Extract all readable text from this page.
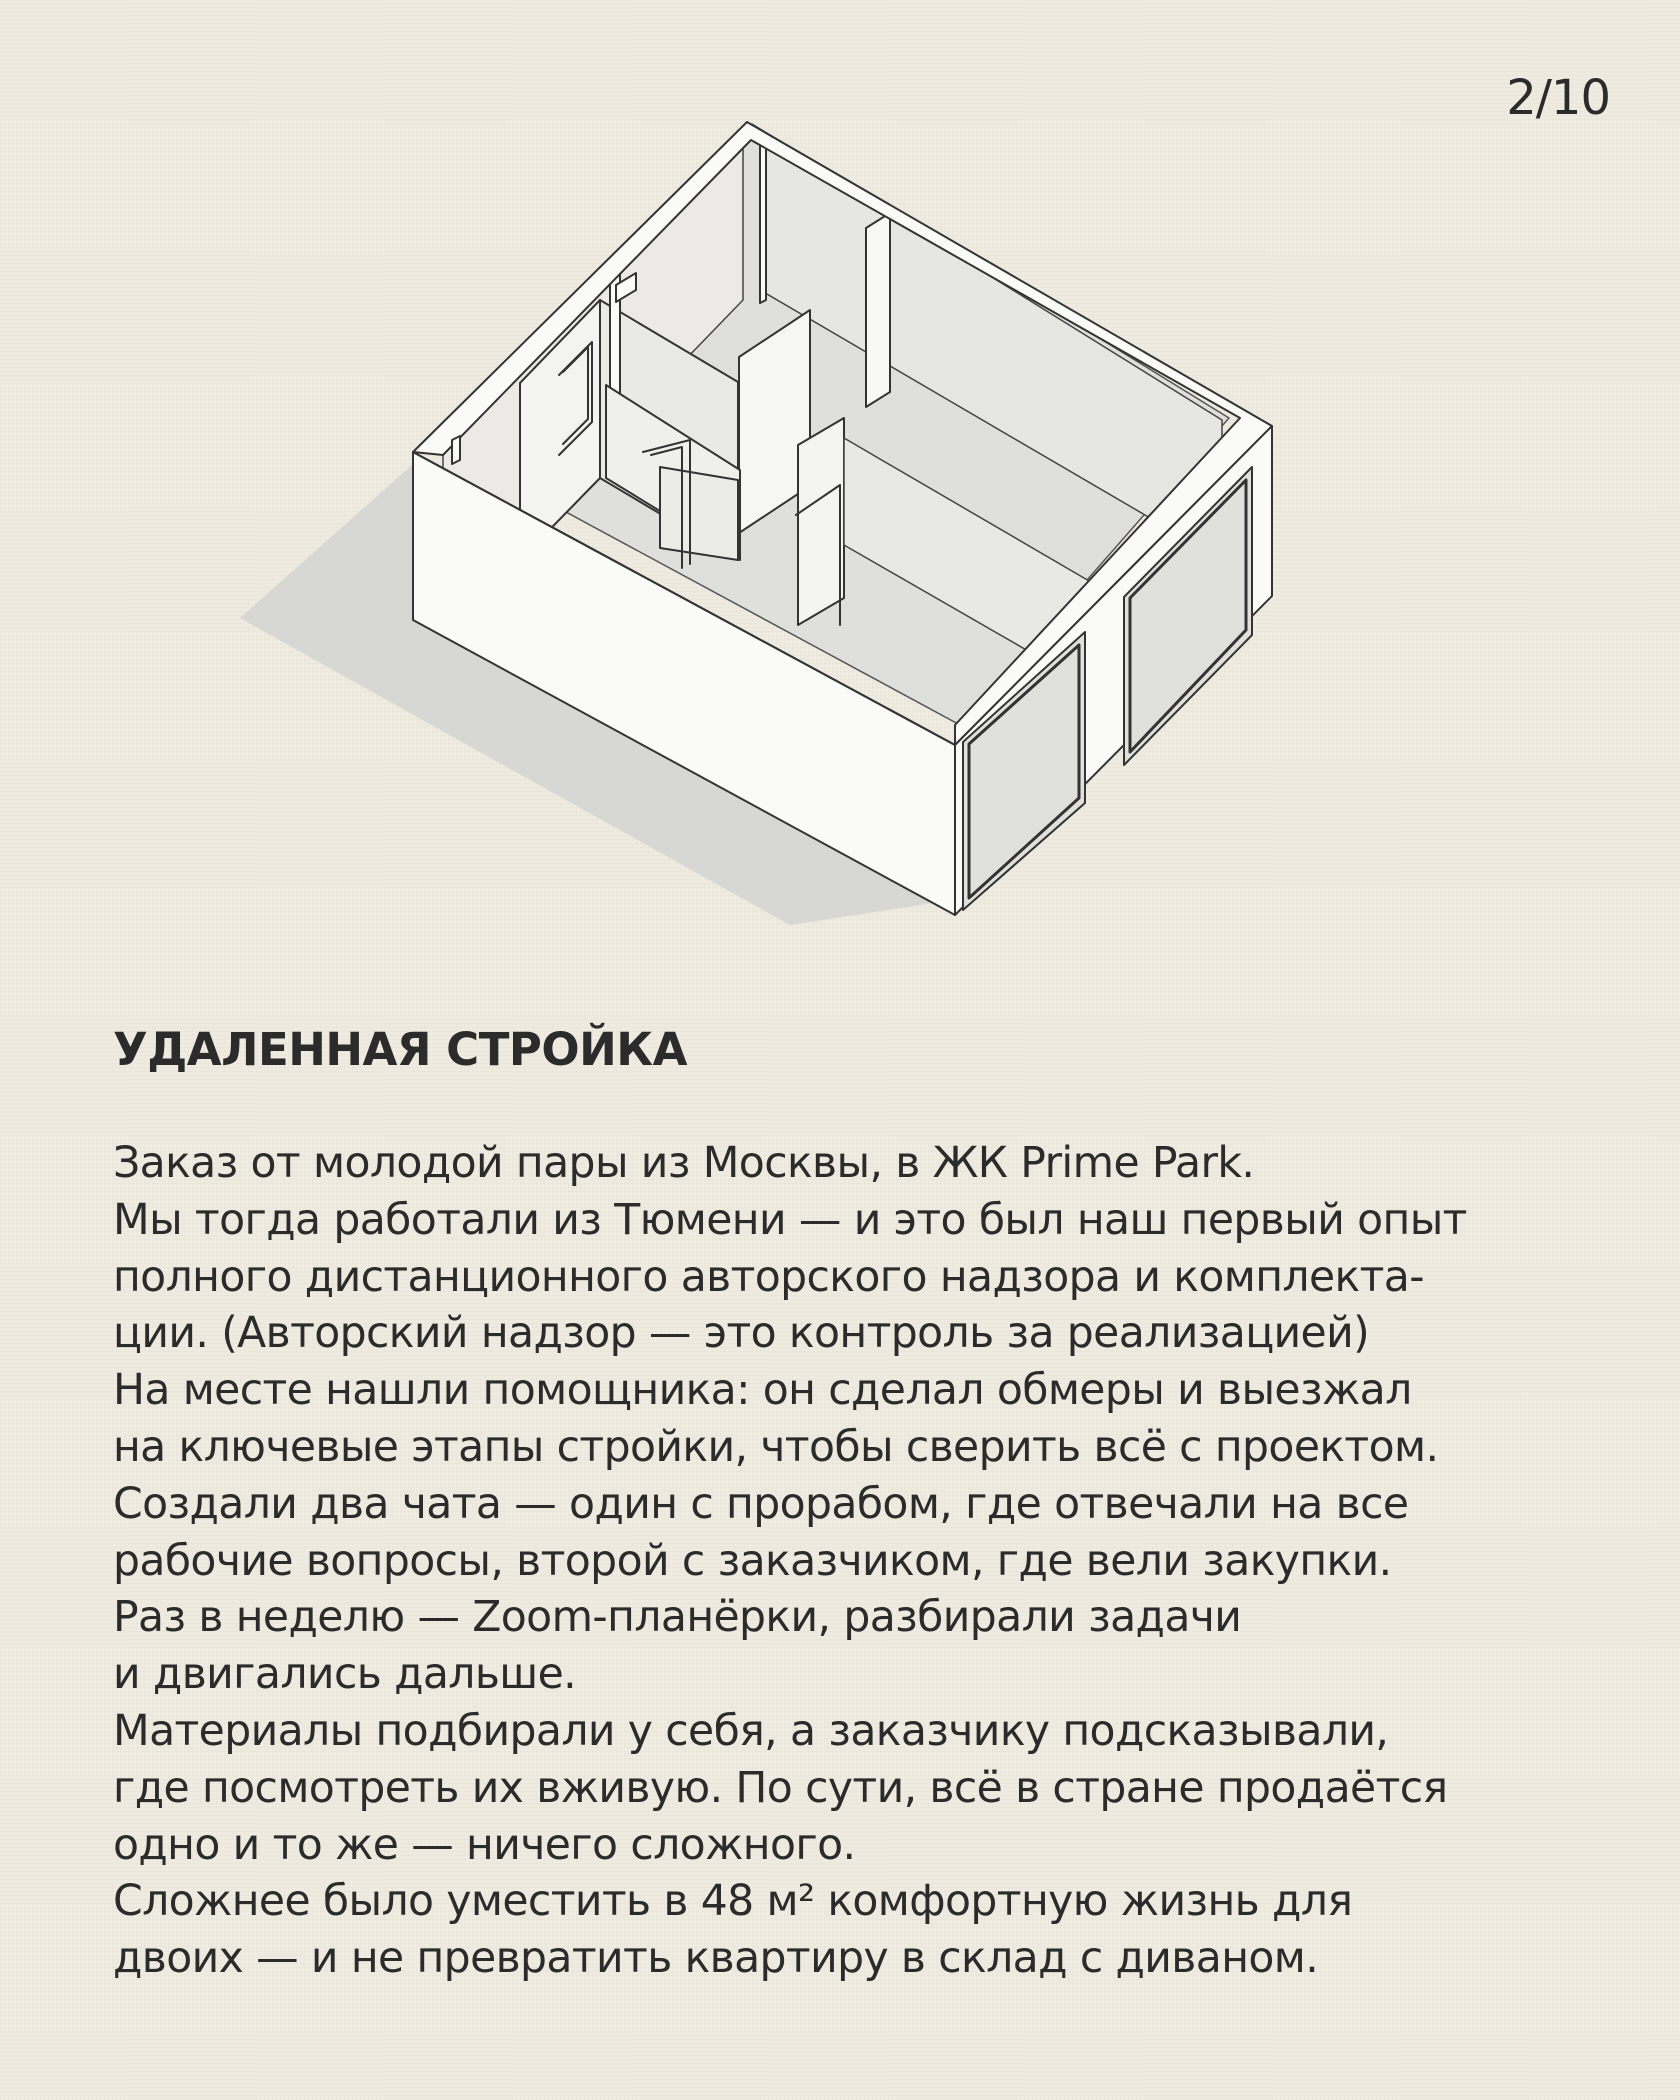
2/10
УДАЛЕННАЯ СТРОЙКА
Заказ от молодой пары из Москвы, в ЖК Prime Park.
Мы тогда работали из Тюмени — и это был наш первый опыт
полного дистанционного авторского надзора и комплекта-
ции. (Авторский надзор — это контроль за реализацией)
На месте нашли помощника: он сделал обмеры и выезжал
на ключевые этапы стройки, чтобы сверить всё с проектом.
Создали два чата — один с прорабом, где отвечали на все
рабочие вопросы, второй с заказчиком, где вели закупки.
Раз в неделю — Zoom-планёрки, разбирали задачи
и двигались дальше.
Материалы подбирали у себя, а заказчику подсказывали,
где посмотреть их вживую. По сути, всё в стране продаётся
одно и то же — ничего сложного.
Сложнее было уместить в 48 м² комфортную жизнь для
двоих — и не превратить квартиру в склад с диваном.
